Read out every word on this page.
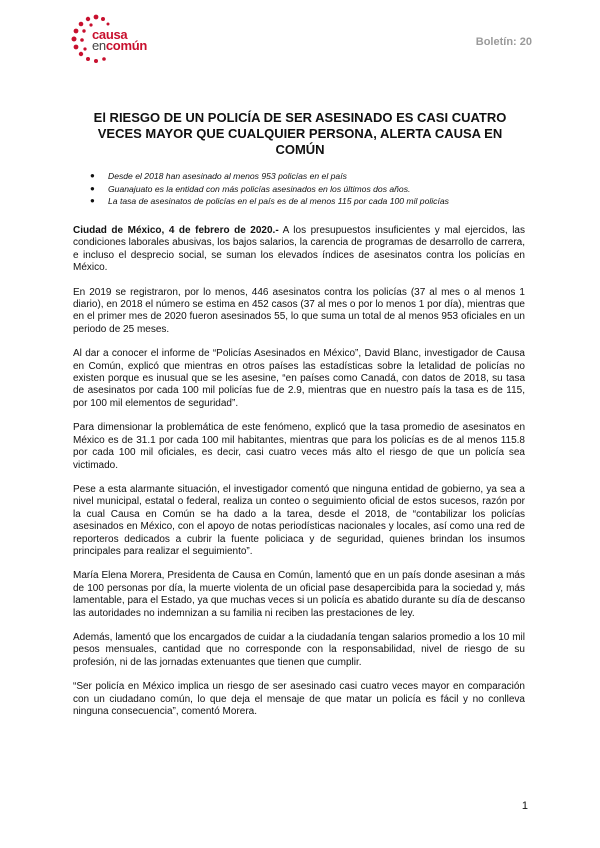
causa
encomún	Boletín: 20
El RIESGO DE UN POLICÍA DE SER ASESINADO ES CASI CUATRO VECES MAYOR QUE CUALQUIER PERSONA, ALERTA CAUSA EN COMÚN
● Desde el 2018 han asesinado al menos 953 policías en el país
● Guanajuato es la entidad con más policías asesinados en los últimos dos años.
● La tasa de asesinatos de policías en el país es de al menos 115 por cada 100 mil policías

Ciudad de México, 4 de febrero de 2020.- A los presupuestos insuficientes y mal ejercidos, las condiciones laborales abusivas, los bajos salarios, la carencia de programas de desarrollo de carrera, e incluso el desprecio social, se suman los elevados índices de asesinatos contra los policías en México.

En 2019 se registraron, por lo menos, 446 asesinatos contra los policías (37 al mes o al menos 1 diario), en 2018 el número se estima en 452 casos (37 al mes o por lo menos 1 por día), mientras que en el primer mes de 2020 fueron asesinados 55, lo que suma un total de al menos 953 oficiales en un periodo de 25 meses.

Al dar a conocer el informe de “Policías Asesinados en México”, David Blanc, investigador de Causa en Común, explicó que mientras en otros países las estadísticas sobre la letalidad de policías no existen porque es inusual que se les asesine, “en países como Canadá, con datos de 2018, su tasa de asesinatos por cada 100 mil policías fue de 2.9, mientras que en nuestro país la tasa es de 115, por 100 mil elementos de seguridad”.

Para dimensionar la problemática de este fenómeno, explicó que la tasa promedio de asesinatos en México es de 31.1 por cada 100 mil habitantes, mientras que para los policías es de al menos 115.8 por cada 100 mil oficiales, es decir, casi cuatro veces más alto el riesgo de que un policía sea victimado.

Pese a esta alarmante situación, el investigador comentó que ninguna entidad de gobierno, ya sea a nivel municipal, estatal o federal, realiza un conteo o seguimiento oficial de estos sucesos, razón por la cual Causa en Común se ha dado a la tarea, desde el 2018, de “contabilizar los policías asesinados en México, con el apoyo de notas periodísticas nacionales y locales, así como una red de reporteros dedicados a cubrir la fuente policiaca y de seguridad, quienes brindan los insumos principales para realizar el seguimiento”.

María Elena Morera, Presidenta de Causa en Común, lamentó que en un país donde asesinan a más de 100 personas por día, la muerte violenta de un oficial pase desapercibida para la sociedad y, más lamentable, para el Estado, ya que muchas veces si un policía es abatido durante su día de descanso las autoridades no indemnizan a su familia ni reciben las prestaciones de ley.

Además, lamentó que los encargados de cuidar a la ciudadanía tengan salarios promedio a los 10 mil pesos mensuales, cantidad que no corresponde con la responsabilidad, nivel de riesgo de su profesión, ni de las jornadas extenuantes que tienen que cumplir.

“Ser policía en México implica un riesgo de ser asesinado casi cuatro veces mayor en comparación con un ciudadano común, lo que deja el mensaje de que matar un policía es fácil y no conlleva ninguna consecuencia”, comentó Morera.

1
